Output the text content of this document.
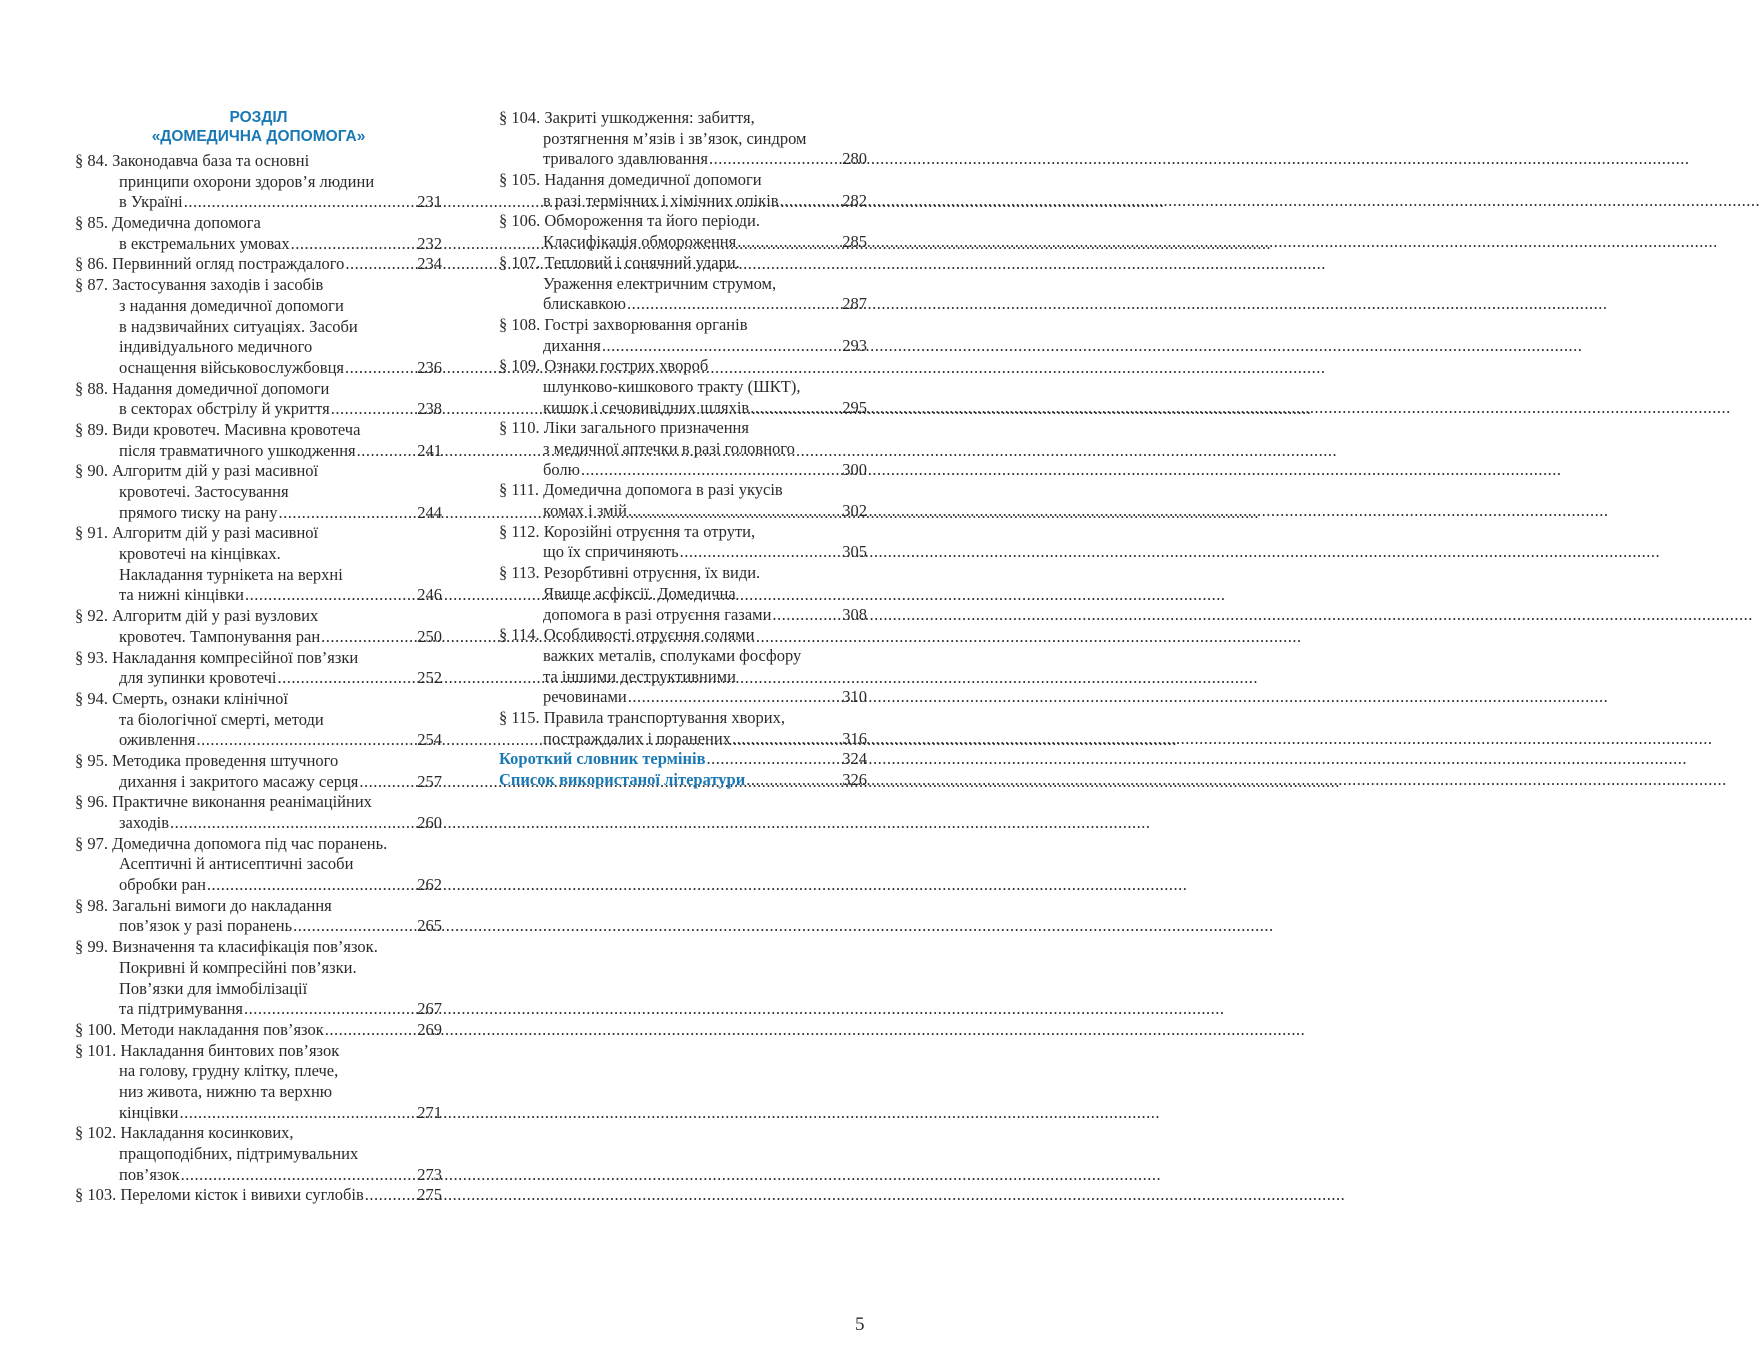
РОЗДІЛ
«ДОМЕДИЧНА ДОПОМОГА»
§ 84. Законодавча база та основні
принципи охорони здоров’я людини
в Україні .....	231
§ 85. Домедична допомога
в екстремальних умовах .....	232
§ 86. Первинний огляд постраждалого .....	234
§ 87. Застосування заходів і засобів
з надання домедичної допомоги
в надзвичайних ситуаціях. Засоби
індивідуального медичного
оснащення військовослужбовця .....	236
§ 88. Надання домедичної допомоги
в секторах обстрілу й укриття .....	238
§ 89. Види кровотеч. Масивна кровотеча
після травматичного ушкодження .....	241
§ 90. Алгоритм дій у разі масивної
кровотечі. Застосування
прямого тиску на рану .....	244
§ 91. Алгоритм дій у разі масивної
кровотечі на кінцівках.
Накладання турнікета на верхні
та нижні кінцівки .....	246
§ 92. Алгоритм дій у разі вузлових
кровотеч. Тампонування ран .....	250
§ 93. Накладання компресійної пов’язки
для зупинки кровотечі .....	252
§ 94. Смерть, ознаки клінічної
та біологічної смерті, методи
оживлення .....	254
§ 95. Методика проведення штучного
дихання і закритого масажу серця .....	257
§ 96. Практичне виконання реанімаційних
заходів .....	260
§ 97. Домедична допомога під час поранень.
Асептичні й антисептичні засоби
обробки ран .....	262
§ 98. Загальні вимоги до накладання
пов’язок у разі поранень .....	265
§ 99. Визначення та класифікація пов’язок.
Покривні й компресійні пов’язки.
Пов’язки для іммобілізації
та підтримування .....	267
§ 100. Методи накладання пов’язок .....	269
§ 101. Накладання бинтових пов’язок
на голову, грудну клітку, плече,
низ живота, нижню та верхню
кінцівки .....	271
§ 102. Накладання косинкових,
пращоподібних, підтримувальних
пов’язок .....	273
§ 103. Переломи кісток і вивихи суглобів .....	275
§ 104. Закриті ушкодження: забиття,
розтягнення м’язів і зв’язок, синдром
тривалого здавлювання .....	280
§ 105. Надання домедичної допомоги
в разі термічних і хімічних опіків .....	282
§ 106. Обмороження та його періоди.
Класифікація обмороження .....	285
§ 107. Тепловий і сонячний удари.
Ураження електричним струмом,
блискавкою .....	287
§ 108. Гострі захворювання органів
дихання .....	293
§ 109. Ознаки гострих хвороб
шлунково-кишкового тракту (ШКТ),
кишок і сечовивідних шляхів .....	295
§ 110. Ліки загального призначення
з медичної аптечки в разі головного
болю .....	300
§ 111. Домедична допомога в разі укусів
комах і змій .....	302
§ 112. Корозійні отруєння та отрути,
що їх спричиняють .....	305
§ 113. Резорбтивні отруєння, їх види.
Явище асфіксії. Домедична
допомога в разі отруєння газами .....	308
§ 114. Особливості отруєння солями
важких металів, сполуками фосфору
та іншими деструктивними
речовинами .....	310
§ 115. Правила транспортування хворих,
постраждалих і поранених .....	316
Короткий словник термінів .....	324
Список використаної літератури .....	326
5
